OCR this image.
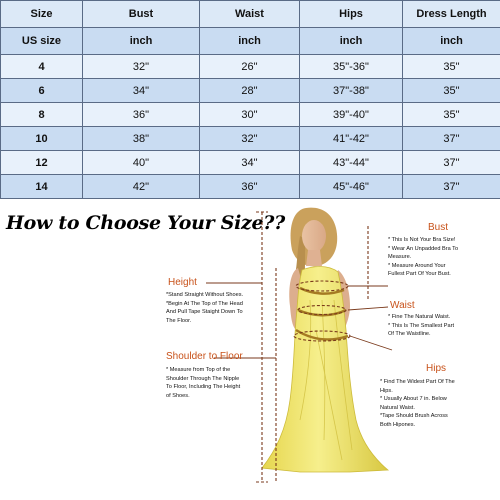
Size	Bust	Waist	Hips	Dress Length
US size	inch	inch	inch	inch
4	32"	26"	35"-36"	35"
6	34"	28"	37"-38"	35"
8	36"	30"	39"-40"	35"
10	38"	32"	41"-42"	37"
12	40"	34"	43"-44"	37"
14	42"	36"	45"-46"	37"
How to Choose Your Size??
Height
*Stand Straight Without Shoes.
*Begin At The Top of The Head
And Pull Tape Staight Down To
The Floor.
Shoulder to Floor
* Measure from Top of the
Shoulder Through The Nipple
To Floor, Including The Height
of Shoes.
Bust
* This Is Not Your Bra Size!
* Wear An Unpadded Bra To
Measure.
* Measure Around Your
Fullest Part Of Your Bust.
Waist
* Fine The Natural Waist.
* This Is The Smallest Part
Of The Waistline.
Hips
* Find The Widest Part Of The
Hips.
* Usually About 7 in. Below
Natural Waist.
*Tape Should Brush Across
Both Hipones.
